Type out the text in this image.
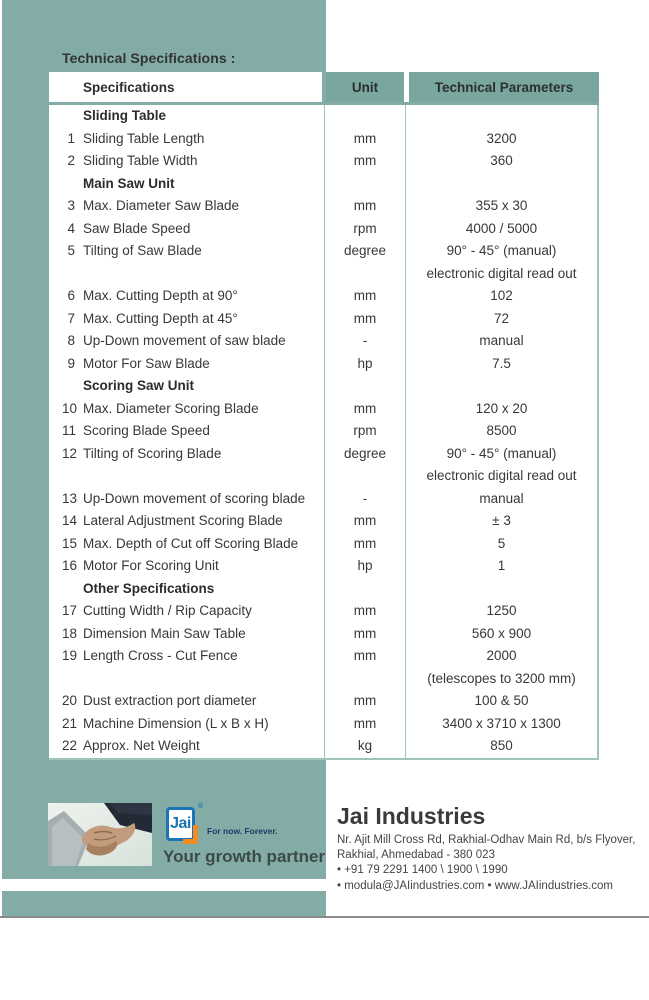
Technical Specifications :
Specifications	Unit	Technical Parameters
Sliding Table
1 Sliding Table Length	mm	3200
2 Sliding Table Width	mm	360
Main Saw Unit
3 Max. Diameter Saw Blade	mm	355 x 30
4 Saw Blade Speed	rpm	4000 / 5000
5 Tilting of Saw Blade	degree	90° - 45° (manual)
electronic digital read out
6 Max. Cutting Depth at 90°	mm	102
7 Max. Cutting Depth at 45°	mm	72
8 Up-Down movement of saw blade	-	manual
9 Motor For Saw Blade	hp	7.5
Scoring Saw Unit
10 Max. Diameter Scoring Blade	mm	120 x 20
11 Scoring Blade Speed	rpm	8500
12 Tilting of Scoring Blade	degree	90° - 45° (manual)
electronic digital read out
13 Up-Down movement of scoring blade	-	manual
14 Lateral Adjustment Scoring Blade	mm	± 3
15 Max. Depth of Cut off Scoring Blade	mm	5
16 Motor For Scoring Unit	hp	1
Other Specifications
17 Cutting Width / Rip Capacity	mm	1250
18 Dimension Main Saw Table	mm	560 x 900
19 Length Cross - Cut Fence	mm	2000
(telescopes to 3200 mm)
20 Dust extraction port diameter	mm	100 & 50
21 Machine Dimension (L x B x H)	mm	3400 x 3710 x 1300
22 Approx. Net Weight	kg	850
Jai
®
For now. Forever.
Your growth partner
Jai Industries
Nr. Ajit Mill Cross Rd, Rakhial-Odhav Main Rd, b/s Flyover,
Rakhial, Ahmedabad - 380 023
• +91 79 2291 1400 \ 1900 \ 1990
• modula@JAIindustries.com • www.JAIindustries.com
